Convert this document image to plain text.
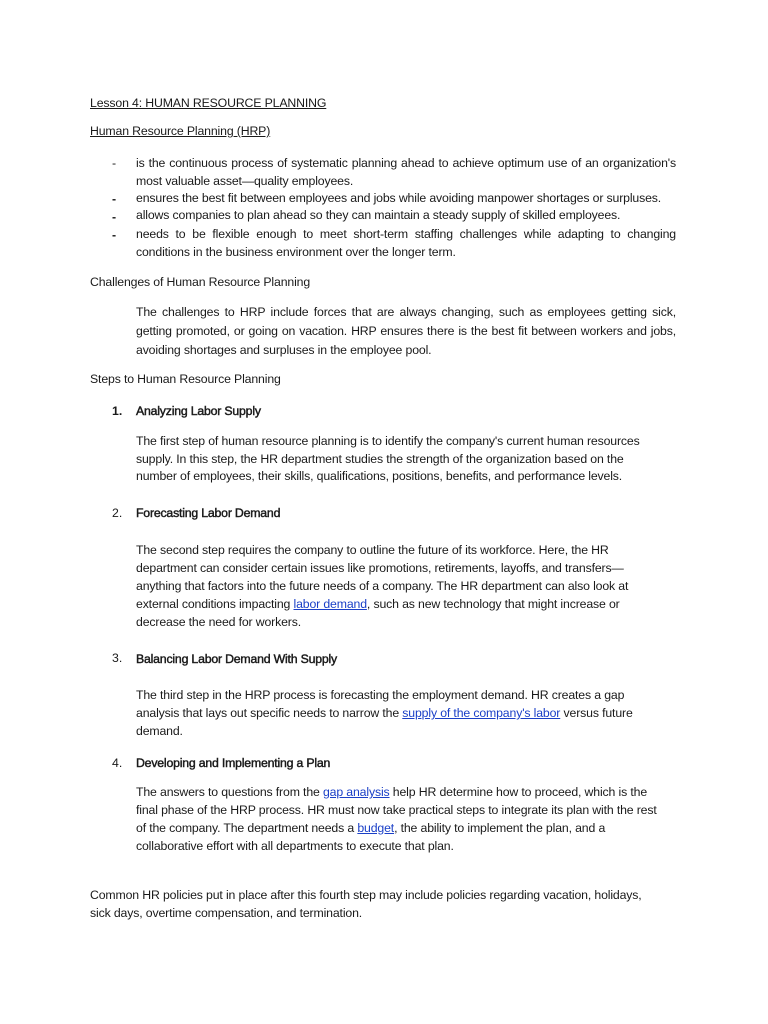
Lesson 4: HUMAN RESOURCE PLANNING
Human Resource Planning (HRP)
- is the continuous process of systematic planning ahead to achieve optimum use of an organization's most valuable asset—quality employees.
- ensures the best fit between employees and jobs while avoiding manpower shortages or surpluses.
- allows companies to plan ahead so they can maintain a steady supply of skilled employees.
- needs to be flexible enough to meet short-term staffing challenges while adapting to changing conditions in the business environment over the longer term.
Challenges of Human Resource Planning
The challenges to HRP include forces that are always changing, such as employees getting sick, getting promoted, or going on vacation. HRP ensures there is the best fit between workers and jobs, avoiding shortages and surpluses in the employee pool.
Steps to Human Resource Planning
1. Analyzing Labor Supply
The first step of human resource planning is to identify the company's current human resources
supply. In this step, the HR department studies the strength of the organization based on the
number of employees, their skills, qualifications, positions, benefits, and performance levels.
2. Forecasting Labor Demand
The second step requires the company to outline the future of its workforce. Here, the HR
department can consider certain issues like promotions, retirements, layoffs, and transfers—
anything that factors into the future needs of a company. The HR department can also look at
external conditions impacting labor demand, such as new technology that might increase or
decrease the need for workers.
3. Balancing Labor Demand With Supply
The third step in the HRP process is forecasting the employment demand. HR creates a gap
analysis that lays out specific needs to narrow the supply of the company's labor versus future
demand.
4. Developing and Implementing a Plan
The answers to questions from the gap analysis help HR determine how to proceed, which is the
final phase of the HRP process. HR must now take practical steps to integrate its plan with the rest
of the company. The department needs a budget, the ability to implement the plan, and a
collaborative effort with all departments to execute that plan.
Common HR policies put in place after this fourth step may include policies regarding vacation, holidays,
sick days, overtime compensation, and termination.
